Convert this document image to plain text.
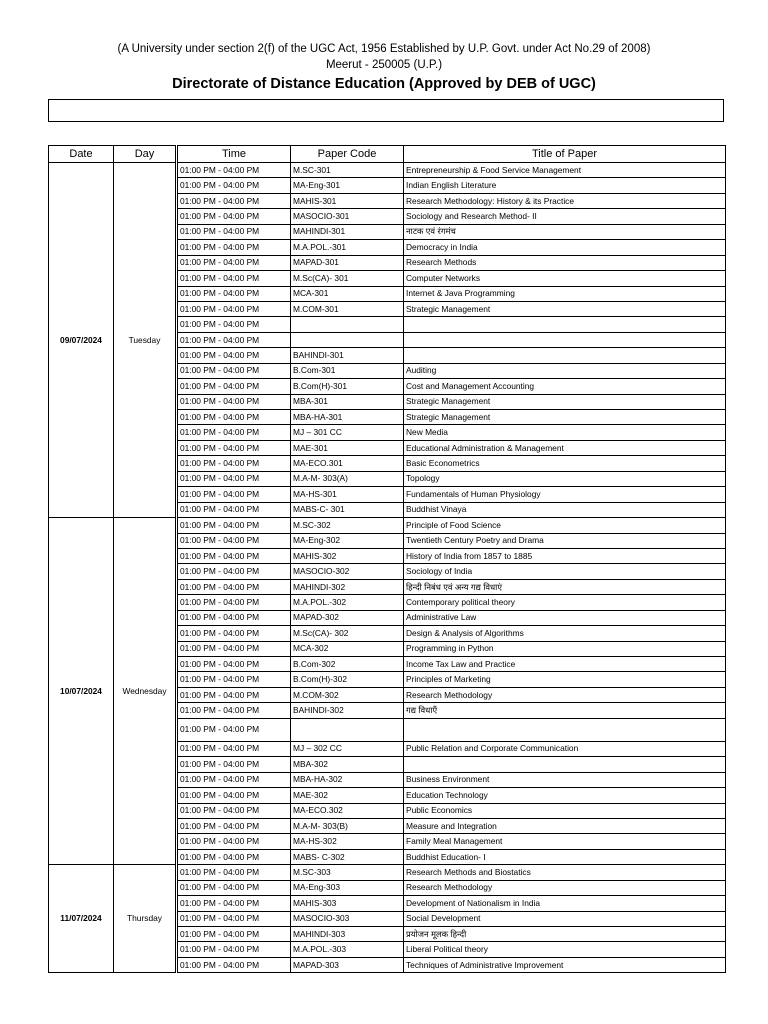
(A University under section 2(f) of the UGC Act, 1956 Established by U.P. Govt. under Act No.29 of 2008)
Meerut - 250005 (U.P.)
Directorate of Distance Education (Approved by DEB of UGC)
Date	Day		Time	Paper Code	Title of Paper
09/07/2024	Tuesday		01:00 PM - 04:00 PM	M.SC-301	Entrepreneurship & Food Service Management
			01:00 PM - 04:00 PM	MA-Eng-301	Indian English Literature
			01:00 PM - 04:00 PM	MAHIS-301	Research Methodology: History & its Practice
			01:00 PM - 04:00 PM	MASOCIO-301	Sociology and Research Method- II
			01:00 PM - 04:00 PM	MAHINDI-301	नाटक एवं रंगमंच
			01:00 PM - 04:00 PM	M.A.POL.-301	Democracy in India
			01:00 PM - 04:00 PM	MAPAD-301	Research Methods
			01:00 PM - 04:00 PM	M.Sc(CA)- 301	Computer Networks
			01:00 PM - 04:00 PM	MCA-301	Internet & Java Programming
			01:00 PM - 04:00 PM	M.COM-301	Strategic Management
			01:00 PM - 04:00 PM		
			01:00 PM - 04:00 PM		
			01:00 PM - 04:00 PM	BAHINDI-301	
			01:00 PM - 04:00 PM	B.Com-301	Auditing
			01:00 PM - 04:00 PM	B.Com(H)-301	Cost and Management Accounting
			01:00 PM - 04:00 PM	MBA-301	Strategic Management
			01:00 PM - 04:00 PM	MBA-HA-301	Strategic Management
			01:00 PM - 04:00 PM	MJ – 301 CC	New Media
			01:00 PM - 04:00 PM	MAE-301	Educational Administration & Management
			01:00 PM - 04:00 PM	MA-ECO.301	Basic Econometrics
			01:00 PM - 04:00 PM	M.A-M- 303(A)	Topology
			01:00 PM - 04:00 PM	MA-HS-301	Fundamentals of Human Physiology
			01:00 PM - 04:00 PM	MABS-C- 301	Buddhist Vinaya
10/07/2024	Wednesday		01:00 PM - 04:00 PM	M.SC-302	Principle of Food Science
			01:00 PM - 04:00 PM	MA-Eng-302	Twentieth Century Poetry and Drama
			01:00 PM - 04:00 PM	MAHIS-302	History of India from 1857 to 1885
			01:00 PM - 04:00 PM	MASOCIO-302	Sociology of India
			01:00 PM - 04:00 PM	MAHINDI-302	हिन्दी निबंध एवं अन्य गद्य विधाएं
			01:00 PM - 04:00 PM	M.A.POL.-302	Contemporary political theory
			01:00 PM - 04:00 PM	MAPAD-302	Administrative Law
			01:00 PM - 04:00 PM	M.Sc(CA)- 302	Design & Analysis of Algorithms
			01:00 PM - 04:00 PM	MCA-302	Programming in Python
			01:00 PM - 04:00 PM	B.Com-302	Income Tax Law and Practice
			01:00 PM - 04:00 PM	B.Com(H)-302	Principles of Marketing
			01:00 PM - 04:00 PM	M.COM-302	Research Methodology
			01:00 PM - 04:00 PM	BAHINDI-302	गद्य विधाएँ
			01:00 PM - 04:00 PM		
			01:00 PM - 04:00 PM	MJ – 302 CC	Public Relation and Corporate Communication
			01:00 PM - 04:00 PM	MBA-302	
			01:00 PM - 04:00 PM	MBA-HA-302	Business Environment
			01:00 PM - 04:00 PM	MAE-302	Education Technology
			01:00 PM - 04:00 PM	MA-ECO.302	Public Economics
			01:00 PM - 04:00 PM	M.A-M- 303(B)	Measure and Integration
			01:00 PM - 04:00 PM	MA-HS-302	Family Meal Management
			01:00 PM - 04:00 PM	MABS- C-302	Buddhist Education- I
11/07/2024	Thursday		01:00 PM - 04:00 PM	M.SC-303	Research Methods and Biostatics
			01:00 PM - 04:00 PM	MA-Eng-303	Research Methodology
			01:00 PM - 04:00 PM	MAHIS-303	Development of Nationalism in India
			01:00 PM - 04:00 PM	MASOCIO-303	Social Development
			01:00 PM - 04:00 PM	MAHINDI-303	प्रयोजन मूलक हिन्दी
			01:00 PM - 04:00 PM	M.A.POL.-303	Liberal Political theory
			01:00 PM - 04:00 PM	MAPAD-303	Techniques of Administrative Improvement
